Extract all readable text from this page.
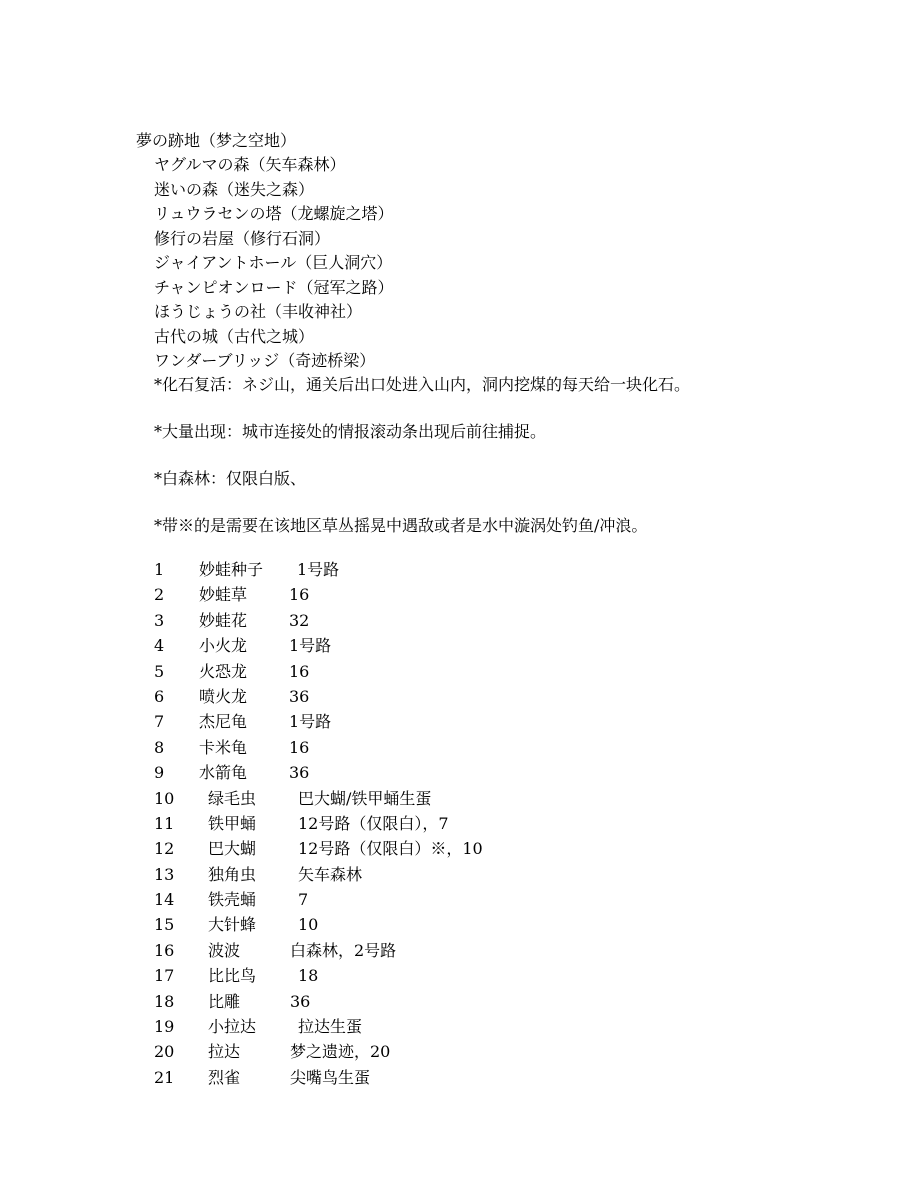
夢の跡地（梦之空地）
ヤグルマの森（矢车森林）
迷いの森（迷失之森）
リュウラセンの塔（龙螺旋之塔）
修行の岩屋（修行石洞）
ジャイアントホール（巨人洞穴）
チャンピオンロード（冠军之路）
ほうじょうの社（丰收神社）
古代の城（古代之城）
ワンダーブリッジ（奇迹桥梁）
*化石复活：ネジ山，通关后出口处进入山内，洞内挖煤的每天给一块化石。
*大量出现：城市连接处的情报滚动条出现后前往捕捉。
*白森林：仅限白版、
*带※的是需要在该地区草丛摇晃中遇敌或者是水中漩涡处钓鱼/冲浪。
1 妙蛙种子 1号路
2 妙蛙草	16
3 妙蛙花	32
4 小火龙	1号路
5 火恐龙	16
6 喷火龙	36
7 杰尼龟	1号路
8 卡米龟	16
9 水箭龟	36
10 绿毛虫	巴大蝴/铁甲蛹生蛋
11 铁甲蛹	12号路（仅限白），7
12 巴大蝴	12号路（仅限白）※，10
13 独角虫	矢车森林
14 铁壳蛹	7
15 大针蜂	10
16 波波	白森林，2号路
17 比比鸟	18
18 比雕	36
19 小拉达	拉达生蛋
20 拉达	梦之遗迹，20
21 烈雀	尖嘴鸟生蛋
